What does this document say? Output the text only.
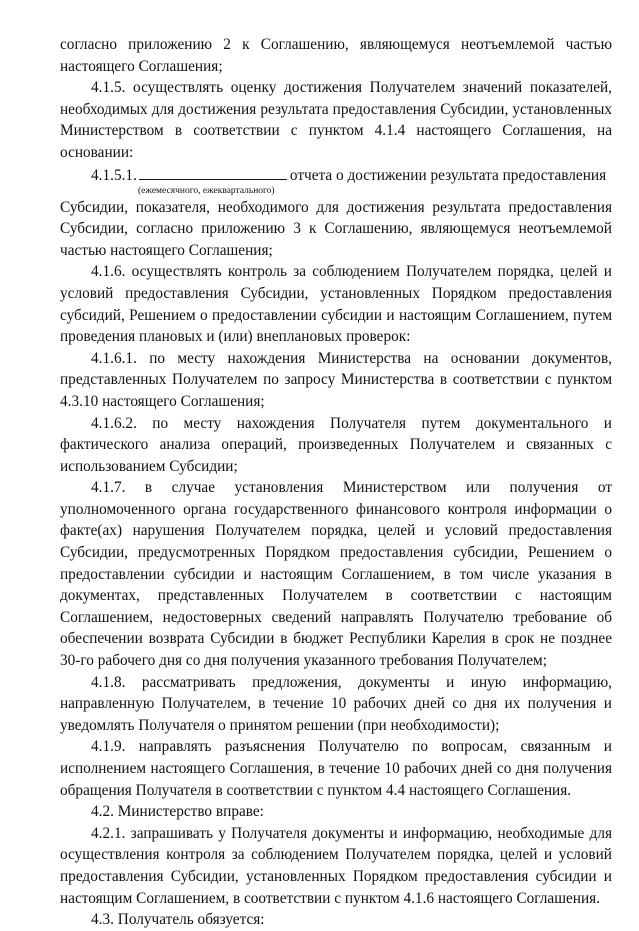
согласно приложению 2 к Соглашению, являющемуся неотъемлемой частью настоящего Соглашения;

4.1.5. осуществлять оценку достижения Получателем значений показателей, необходимых для достижения результата предоставления Субсидии, установленных Министерством в соответствии с пунктом 4.1.4 настоящего Соглашения, на основании:

4.1.5.1.	отчета о достижении результата предоставления

(ежемесячного, ежеквартального)

Субсидии, показателя, необходимого для достижения результата предоставления Субсидии, согласно приложению 3 к Соглашению, являющемуся неотъемлемой частью настоящего Соглашения;

4.1.6. осуществлять контроль за соблюдением Получателем порядка, целей и условий предоставления Субсидии, установленных Порядком предоставления субсидий, Решением о предоставлении субсидии и настоящим Соглашением, путем проведения плановых и (или) внеплановых проверок:

4.1.6.1. по месту нахождения Министерства на основании документов, представленных Получателем по запросу Министерства в соответствии с пунктом 4.3.10 настоящего Соглашения;

4.1.6.2. по месту нахождения Получателя путем документального и фактического анализа операций, произведенных Получателем и связанных с использованием Субсидии;

4.1.7. в случае установления Министерством или получения от уполномоченного органа государственного финансового контроля информации о факте(ах) нарушения Получателем порядка, целей и условий предоставления Субсидии, предусмотренных Порядком предоставления субсидии, Решением о предоставлении субсидии и настоящим Соглашением, в том числе указания в документах, представленных Получателем в соответствии с настоящим Соглашением, недостоверных сведений направлять Получателю требование об обеспечении возврата Субсидии в бюджет Республики Карелия в срок не позднее 30-го рабочего дня со дня получения указанного требования Получателем;

4.1.8. рассматривать предложения, документы и иную информацию, направленную Получателем, в течение 10 рабочих дней со дня их получения и уведомлять Получателя о принятом решении (при необходимости);

4.1.9. направлять разъяснения Получателю по вопросам, связанным и исполнением настоящего Соглашения, в течение 10 рабочих дней со дня получения обращения Получателя в соответствии с пунктом 4.4 настоящего Соглашения.

4.2. Министерство вправе:

4.2.1. запрашивать у Получателя документы и информацию, необходимые для осуществления контроля за соблюдением Получателем порядка, целей и условий предоставления Субсидии, установленных Порядком предоставления субсидии и настоящим Соглашением, в соответствии с пунктом 4.1.6 настоящего Соглашения.

4.3. Получатель обязуется:
